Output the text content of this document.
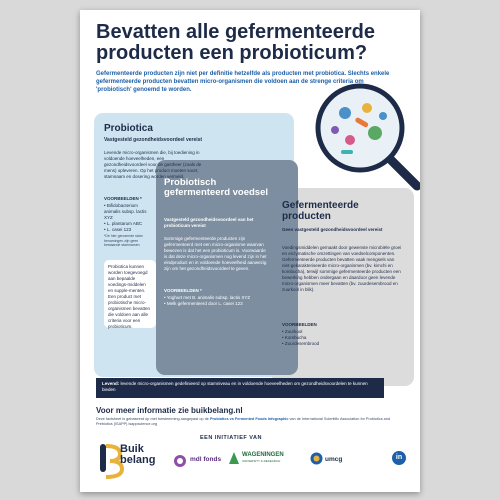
Bevatten alle gefermenteerde producten een probioticum?

Gefermenteerde producten zijn niet per definitie hetzelfde als producten met probiotica. Slechts enkele gefermenteerde producten bevatten micro-organismen die voldoen aan de strenge criteria om 'probiotisch' genoemd te worden.

Probiotica
Vastgesteld gezondheidsvoordeel vereist

Levende micro-organismen die, bij toediening in voldoende hoeveelheden, een gezondheidsvoordeel voor de gastheer (zoals de mens) opleveren. Op het product moeten soort, stamnaam en dosering worden vermeld.

VOORBEELDEN *
• Bifidobacterium animalis subsp. lactis XYZ
• L. plantarum ABC
• L. casei 123

*De hier genoemde stam benamingen zijn geen bestaande stamnamen

Probiotica kunnen worden toegevoegd aan bepaalde voedings-middelen en supple-menten. Een product met probiotische micro-organismen bevatten die voldoen aan alle criteria voor een probioticum.
Probiotisch gefermenteerd voedsel
Vastgesteld gezondheidsvoordeel van het probioticum vereist

Sommige gefermenteerde producten zijn gefermenteerd met een micro-organisme waarvan bewezen is dat het een probioticum is. Voorwaarde is dat deze micro-organismen nog levend zijn in het eindproduct en in voldoende hoeveelheid aanwezig zijn om het gezondheidsvoordeel te geven.

VOORBEELDEN *
• Yoghurt met B. animalis subsp. lactis XYZ
• Melk gefermenteerd door L. casei 123
Gefermenteerde producten
Geen vastgesteld gezondheidsvoordeel vereist

Voedingsmiddelen gemaakt door gewenste microbiële groei en enzymatische omzettingen van voedselcomponenten. Gefermenteerde producten bevatten vaak mengsels van niet-gekarakteriseerde micro-organismen (bv. kimchi en kombucha), terwijl sommige gefermenteerde producten een bewerking hebben ondergaan en daardoor geen levende micro-organismen meer bevatten (bv. zuurdesembrood en zuurkool in blik).

VOORBEELDEN
• Zuurkool
• Kombucha
• Zuurdesembrood
Levend: levende micro-organismen gedefinieerd op stamniveau en in voldoende hoeveelheden om gezondheidsvoordelen te kunnen bieden

Voor meer informatie zie buikbelang.nl

Deze factsheet is gebaseerd op met toestemming aangepast op de Probiotics vs Fermented Foods Infographic van de International Scientific Association for Probiotics and Prebiotics (ISAPP) isappscience.org

EEN INITIATIEF VAN
Buik belang	mdl fonds
WAGENINGEN
UNIVERSITY & RESEARCH	umcg	in
